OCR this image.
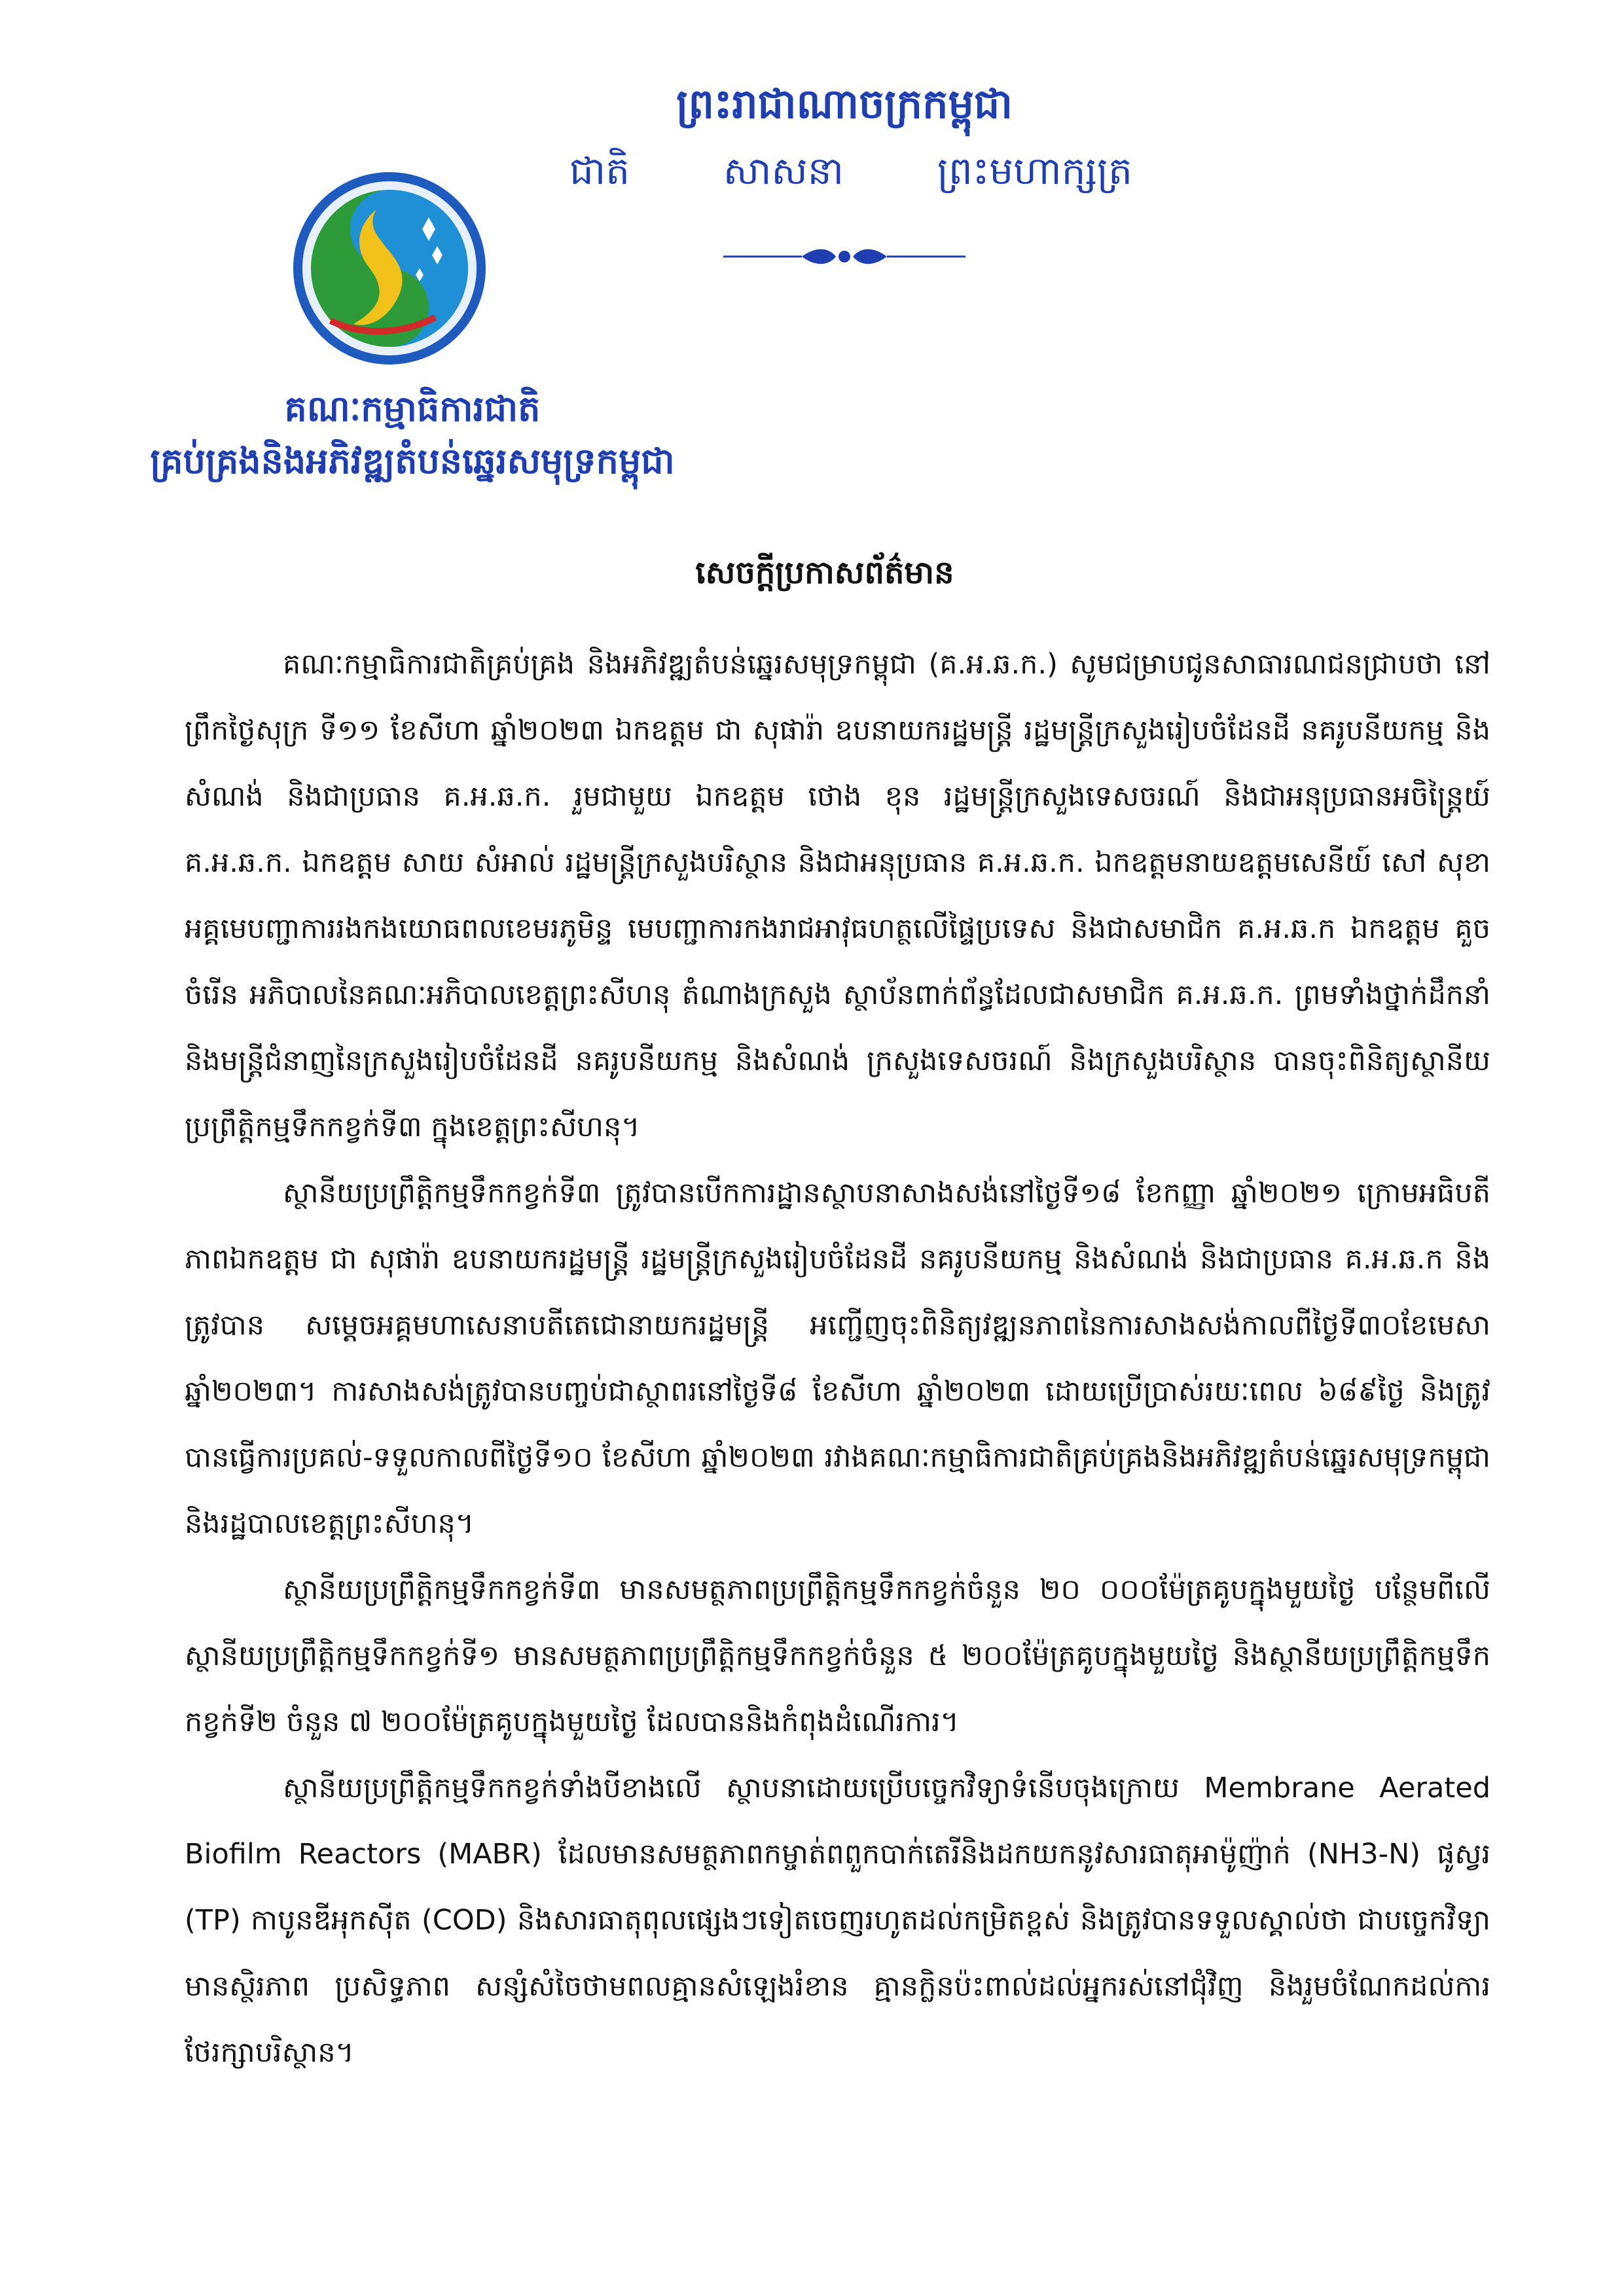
ព្រះរាជាណាចក្រកម្ពុជា
ជាតិ សាសនា ព្រះមហាក្សត្រ
គណៈកម្មាធិការជាតិ
គ្រប់គ្រងនិងអភិវឌ្ឍតំបន់ឆ្នេរសមុទ្រកម្ពុជា
សេចក្តីប្រកាសព័ត៌មាន

គណៈកម្មាធិការជាតិគ្រប់គ្រង និងអភិវឌ្ឍតំបន់ឆ្នេរសមុទ្រកម្ពុជា (គ.អ.ឆ.ក.) សូមជម្រាបជូនសាធារណជនជ្រាបថា នៅព្រឹកថ្ងៃសុក្រ ទី១១ ខែសីហា ឆ្នាំ២០២៣ ឯកឧត្តម ជា សុផារ៉ា ឧបនាយករដ្ឋមន្ត្រី រដ្ឋមន្ត្រីក្រសួងរៀបចំដែនដី នគរូបនីយកម្ម និងសំណង់ និងជាប្រធាន គ.អ.ឆ.ក. រួមជាមួយ ឯកឧត្តម ថោង ខុន រដ្ឋមន្ត្រីក្រសួងទេសចរណ៍ និងជាអនុប្រធានអចិន្ត្រៃយ៍ គ.អ.ឆ.ក. ឯកឧត្តម សាយ សំអាល់ រដ្ឋមន្ត្រីក្រសួងបរិស្ថាន និងជាអនុប្រធាន គ.អ.ឆ.ក. ឯកឧត្តមនាយឧត្តមសេនីយ៍ សៅ សុខា អគ្គមេបញ្ជាការរងកងយោធពលខេមរភូមិន្ទ មេបញ្ជាការកងរាជអាវុធហត្ថលើផ្ទៃប្រទេស និងជាសមាជិក គ.អ.ឆ.ក ឯកឧត្តម គួច ចំរើន អភិបាលនៃគណៈអភិបាលខេត្តព្រះសីហនុ តំណាងក្រសួង ស្ថាប័នពាក់ព័ន្ធដែលជាសមាជិក គ.អ.ឆ.ក. ព្រមទាំងថ្នាក់ដឹកនាំ និងមន្ត្រីជំនាញនៃក្រសួងរៀបចំដែនដី នគរូបនីយកម្ម និងសំណង់ ក្រសួងទេសចរណ៍ និងក្រសួងបរិស្ថាន បានចុះពិនិត្យស្ថានីយប្រព្រឹត្តិកម្មទឹកកខ្វក់ទី៣ ក្នុងខេត្តព្រះសីហនុ។

ស្ថានីយប្រព្រឹត្តិកម្មទឹកកខ្វក់ទី៣ ត្រូវបានបើកការដ្ឋានស្ថាបនាសាងសង់នៅថ្ងៃទី១៨ ខែកញ្ញា ឆ្នាំ២០២១ ក្រោមអធិបតីភាពឯកឧត្តម ជា សុផារ៉ា ឧបនាយករដ្ឋមន្ត្រី រដ្ឋមន្ត្រីក្រសួងរៀបចំដែនដី នគរូបនីយកម្ម និងសំណង់ និងជាប្រធាន គ.អ.ឆ.ក និងត្រូវបាន សម្តេចអគ្គមហាសេនាបតីតេជោនាយករដ្ឋមន្ត្រី អញ្ជើញចុះពិនិត្យវឌ្ឍនភាពនៃការសាងសង់កាលពីថ្ងៃទី៣០ខែមេសា ឆ្នាំ២០២៣។ ការសាងសង់ត្រូវបានបញ្ចប់ជាស្ថាពរនៅថ្ងៃទី៨ ខែសីហា ឆ្នាំ២០២៣ ដោយប្រើប្រាស់រយៈពេល ៦៨៩ថ្ងៃ និងត្រូវបានធ្វើការប្រគល់-ទទួលកាលពីថ្ងៃទី១០ ខែសីហា ឆ្នាំ២០២៣ រវាងគណៈកម្មាធិការជាតិគ្រប់គ្រងនិងអភិវឌ្ឍតំបន់ឆ្នេរសមុទ្រកម្ពុជា និងរដ្ឋបាលខេត្តព្រះសីហនុ។

ស្ថានីយប្រព្រឹត្តិកម្មទឹកកខ្វក់ទី៣ មានសមត្ថភាពប្រព្រឹត្តិកម្មទឹកកខ្វក់ចំនួន ២០ ០០០ម៉ែត្រគូបក្នុងមួយថ្ងៃ បន្ថែមពីលើស្ថានីយប្រព្រឹត្តិកម្មទឹកកខ្វក់ទី១ មានសមត្ថភាពប្រព្រឹត្តិកម្មទឹកកខ្វក់ចំនួន ៥ ២០០ម៉ែត្រគូបក្នុងមួយថ្ងៃ និងស្ថានីយប្រព្រឹត្តិកម្មទឹកកខ្វក់ទី២ ចំនួន ៧ ២០០ម៉ែត្រគូបក្នុងមួយថ្ងៃ ដែលបាននិងកំពុងដំណើរការ។

ស្ថានីយប្រព្រឹត្តិកម្មទឹកកខ្វក់ទាំងបីខាងលើ ស្ថាបនាដោយប្រើបច្ចេកវិទ្យាទំនើបចុងក្រោយ Membrane Aerated Biofilm Reactors (MABR) ដែលមានសមត្ថភាពកម្ចាត់ពពួកបាក់តេរីនិងដកយកនូវសារធាតុអាម៉ូញ៉ាក់ (NH3-N) ផូស្វរ (TP) កាបូនឌីអុកស៊ីត (COD) និងសារធាតុពុលផ្សេងៗទៀតចេញរហូតដល់កម្រិតខ្ពស់ និងត្រូវបានទទួលស្គាល់ថា ជាបច្ចេកវិទ្យាមានស្ថិរភាព ប្រសិទ្ធភាព សន្សំសំចៃថាមពលគ្មានសំឡេងរំខាន គ្មានក្លិនប៉ះពាល់ដល់អ្នករស់នៅជុំវិញ និងរួមចំណែកដល់ការថែរក្សាបរិស្ថាន។
